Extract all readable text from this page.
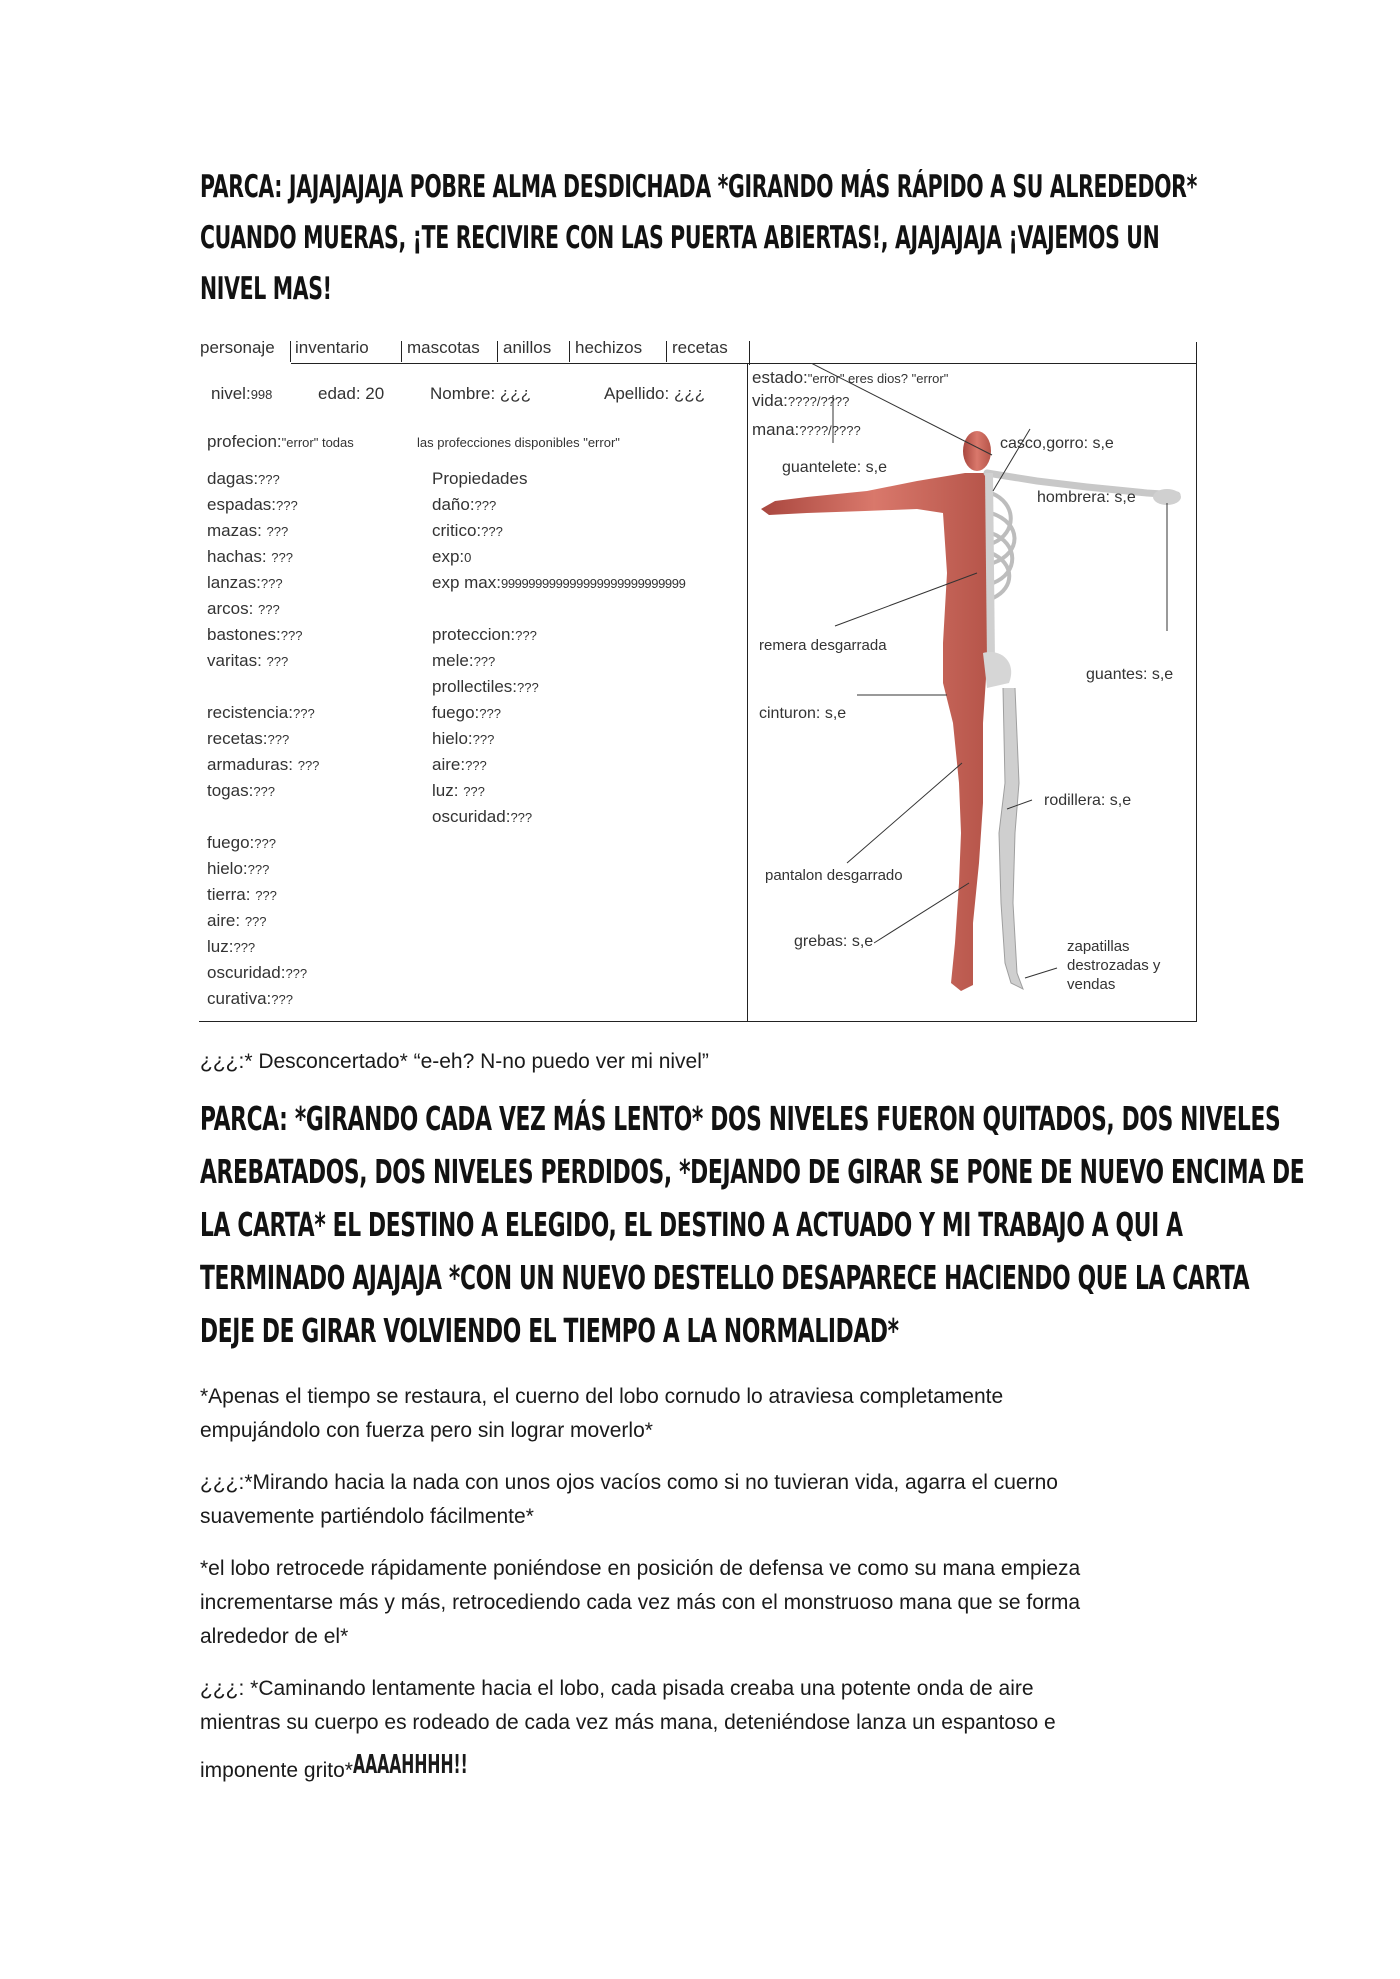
PARCA: JAJAJAJAJA POBRE ALMA DESDICHADA *GIRANDO MÁS RÁPIDO A SU ALREDEDOR*
CUANDO MUERAS, ¡TE RECIVIRE CON LAS PUERTA ABIERTAS!, AJAJAJAJA ¡VAJEMOS UN
NIVEL MAS!
personaje inventario mascotas anillos hechizos recetas
nivel:998	edad: 20	Nombre: ¿¿¿	Apellido: ¿¿¿
profecion:"error" todas	las profecciones disponibles "error"
dagas:???
espadas:???
mazas: ???
hachas: ???
lanzas:???
arcos: ???
bastones:???
varitas: ???
recistencia:???
recetas:???
armaduras: ???
togas:???
fuego:???
hielo:???
tierra: ???
aire: ???
luz:???
oscuridad:???
curativa:???
Propiedades
daño:???
critico:???
exp:0
exp max:999999999999999999999999999
proteccion:???
mele:???
prollectiles:???
fuego:???
hielo:???
aire:???
luz: ???
oscuridad:???
estado:"error" eres dios? "error"
vida:????/????
mana:????/????
casco,gorro: s,e
guantelete: s,e
hombrera: s,e
remera desgarrada
guantes: s,e
cinturon: s,e
rodillera: s,e
pantalon desgarrado
grebas: s,e	zapatillas
destrozadas y
vendas
¿¿¿:* Desconcertado* “e-eh? N-no puedo ver mi nivel”
PARCA: *GIRANDO CADA VEZ MÁS LENTO* DOS NIVELES FUERON QUITADOS, DOS NIVELES
AREBATADOS, DOS NIVELES PERDIDOS, *DEJANDO DE GIRAR SE PONE DE NUEVO ENCIMA DE
LA CARTA* EL DESTINO A ELEGIDO, EL DESTINO A ACTUADO Y MI TRABAJO A QUI A
TERMINADO AJAJAJA *CON UN NUEVO DESTELLO DESAPARECE HACIENDO QUE LA CARTA
DEJE DE GIRAR VOLVIENDO EL TIEMPO A LA NORMALIDAD*
*Apenas el tiempo se restaura, el cuerno del lobo cornudo lo atraviesa completamente
empujándolo con fuerza pero sin lograr moverlo*
¿¿¿:*Mirando hacia la nada con unos ojos vacíos como si no tuvieran vida, agarra el cuerno
suavemente partiéndolo fácilmente*
*el lobo retrocede rápidamente poniéndose en posición de defensa ve como su mana empieza
incrementarse más y más, retrocediendo cada vez más con el monstruoso mana que se forma
alrededor de el*
¿¿¿: *Caminando lentamente hacia el lobo, cada pisada creaba una potente onda de aire
mientras su cuerpo es rodeado de cada vez más mana, deteniéndose lanza un espantoso e
imponente grito*AAAAHHHH!!
